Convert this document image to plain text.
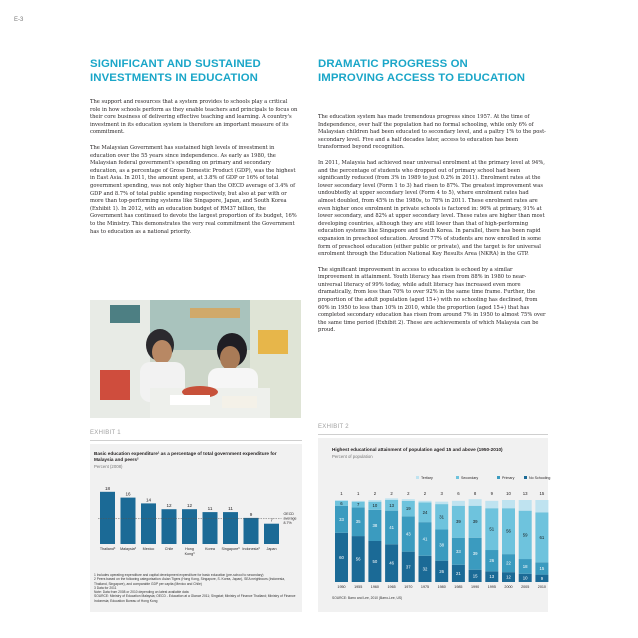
E-3
SIGNIFICANT AND SUSTAINED INVESTMENTS IN EDUCATION

The support and resources that a system provides to schools play a critical role in how schools perform as they enable teachers and principals to focus on their core business of delivering effective teaching and learning. A country's investment in its education system is therefore an important measure of its commitment.

The Malaysian Government has sustained high levels of investment in education over the 55 years since independence. As early as 1980, the Malaysian federal government's spending on primary and secondary education, as a percentage of Gross Domestic Product (GDP), was the highest in East Asia. In 2011, the amount spent, at 3.8% of GDP or 16% of total government spending, was not only higher than the OECD average of 3.4% of GDP and 8.7% of total public spending respectively, but also at par with or more than top-performing systems like Singapore, Japan, and South Korea (Exhibit 1). In 2012, with an education budget of RM37 billion, the Government has continued to devote the largest proportion of its budget, 16% to the Ministry. This demonstrates the very real commitment the Government has to education as a national priority.

DRAMATIC PROGRESS ON IMPROVING ACCESS TO EDUCATION

The education system has made tremendous progress since 1957. At the time of Independence, over half the population had no formal schooling, while only 6% of Malaysian children had been educated to secondary level, and a paltry 1% to the post-secondary level. Five and a half decades later, access to education has been transformed beyond recognition.

In 2011, Malaysia had achieved near universal enrolment at the primary level at 94%, and the percentage of students who dropped out of primary school had been significantly reduced (from 3% in 1989 to just 0.2% in 2011). Enrolment rates at the lower secondary level (Form 1 to 3) had risen to 87%. The greatest improvement was undoubtedly at upper secondary level (Form 4 to 5), where enrolment rates had almost doubled, from 45% in the 1980s, to 78% in 2011. These enrolment rates are even higher once enrolment in private schools is factored in: 96% at primary, 91% at lower secondary, and 82% at upper secondary level. These rates are higher than most developing countries, although they are still lower than that of high-performing education systems like Singapore and South Korea. In parallel, there has been rapid expansion in preschool education. Around 77% of students are now enrolled in some form of preschool education (either public or private), and the target is for universal enrolment through the Education National Key Results Area (NKRA) in the GTP.

The significant improvement in access to education is echoed by a similar improvement in attainment. Youth literacy has risen from 88% in 1980 to near-universal literacy of 99% today, while adult literacy has increased even more dramatically, from less than 70% to over 92% in the same time frame. Further, the proportion of the adult population (aged 15+) with no schooling has declined, from 60% in 1950 to less than 10% in 2010, while the proportion (aged 15+) that has completed secondary education has risen from around 7% in 1950 to almost 75% over the same time period (Exhibit 2). These are achievements of which Malaysia can be proud.

EXHIBIT 1
Basic education expenditure¹ as a percentage of total government expenditure for Malaysia and peers²
Percent (2008)
18
Thailand³
16
Malaysia³
14
Mexico
12
Chile
12
Hong
Kong³
11
Korea
11
Singapore³
9
Indonesia³
7
Japan
OECD
average
8.7%
1 Includes operating expenditure and capital development expenditure for basic education (pre-school to secondary)
2 Peers based on the following categorisation: Asian Tigers (Hong Kong, Singapore, S. Korea, Japan), SEA neighbours (Indonesia, Thailand, Singapore), and comparable GDP per capita (Mexico and Chile)
3 Data for 2011
Note: Data from 2008 or 2010 depending on latest available data
SOURCE: Ministry of Education Malaysia; OECD - Education at a Glance 2011; Singstat; Ministry of Finance Thailand; Ministry of Finance Indonesia; Education Bureau of Hong Kong
EXHIBIT 2
Highest educational attainment of population aged 15 and above (1950-2010)
Percent of population
Tertiary	Secondary	Primary	No Schooling
60
33
6
1
1950
56
35
7
1
1955
50
38
10
2
1960
46
41
13
2
1965
37
43
19
2
1970
32
41
24
2
1975
26
38
31
3
1980
21
33
39
6
1985
15
39
39
8
1990
13
26
51
9
1995
12
22
56
10
2000
10
18
59
13
2005
9
15
61
15
2010
SOURCE: Barro and Lee, 2010 (Barro-Lee, US)
